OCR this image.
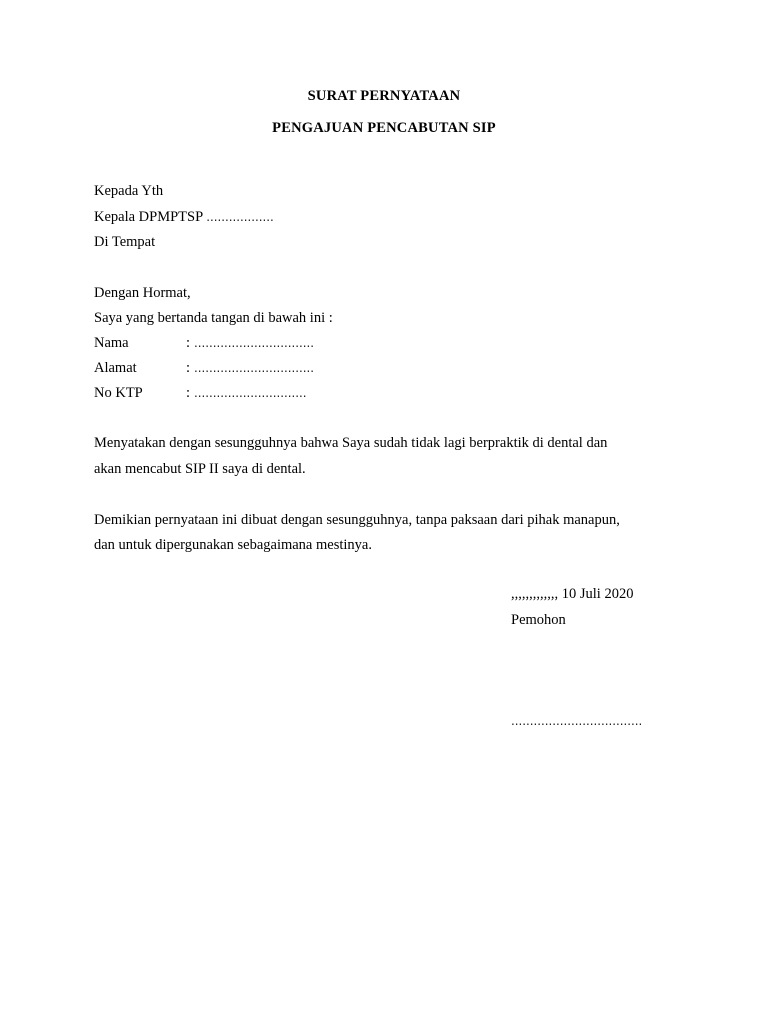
SURAT PERNYATAAN
PENGAJUAN PENCABUTAN SIP
Kepada Yth
Kepala DPMPTSP ..................
Di Tempat
Dengan Hormat,
Saya yang bertanda tangan di bawah ini :
Nama	: ................................
Alamat	: ................................
No KTP	: ..............................
Menyatakan dengan sesungguhnya bahwa Saya sudah tidak lagi berpraktik di dental dan
akan mencabut SIP II saya di dental.
Demikian pernyataan ini dibuat dengan sesungguhnya, tanpa paksaan dari pihak manapun,
dan untuk dipergunakan sebagaimana mestinya.
,,,,,,,,,,,,, 10 Juli 2020
Pemohon
...................................
